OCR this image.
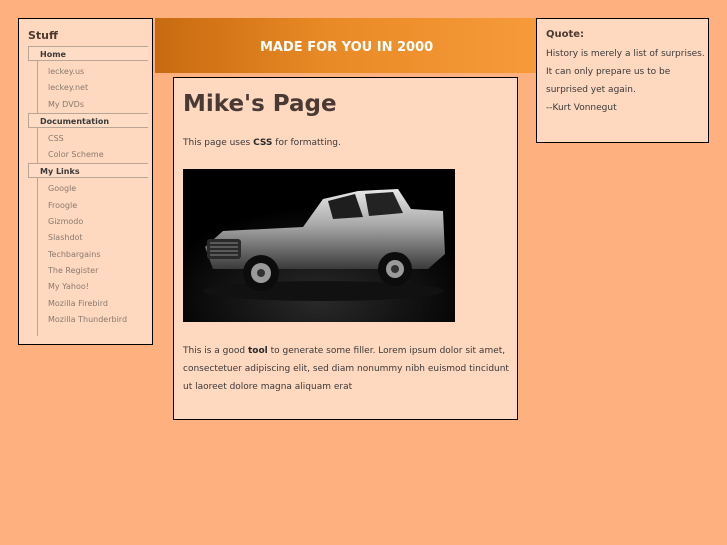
Stuff
Home
leckey.us
leckey.net
My DVDs
Documentation
CSS
Color Scheme
My Links
Google
Froogle
Gizmodo
Slashdot
Techbargains
The Register
My Yahoo!
Mozilla Firebird
Mozilla Thunderbird
MADE FOR YOU IN 2000
Mike's Page
This page uses CSS for formatting.
This is a good tool to generate some filler. Lorem ipsum dolor sit amet, consectetuer adipiscing elit, sed diam nonummy nibh euismod tincidunt ut laoreet dolore magna aliquam erat
Quote:

History is merely a list of surprises. It can only prepare us to be surprised yet again.
--Kurt Vonnegut
